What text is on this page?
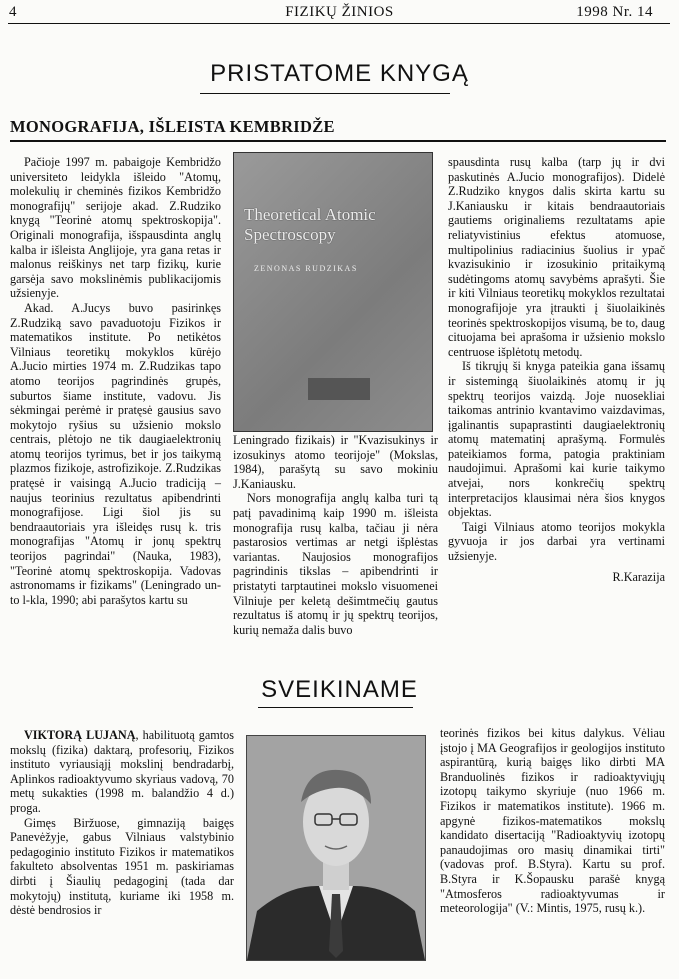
4	FIZIKŲ ŽINIOS	1998 Nr. 14
PRISTATOME KNYGĄ
MONOGRAFIJA, IŠLEISTA KEMBRIDŽE

Pačioje 1997 m. pabaigoje Kembridžo universiteto leidykla išleido "Atomų, molekulių ir cheminės fizikos Kembridžo monografijų" serijoje akad. Z.Rudziko knygą "Teorinė atomų spektroskopija". Originali monografija, išspausdinta anglų kalba ir išleista Anglijoje, yra gana retas ir malonus reiškinys net tarp fizikų, kurie garsėja savo mokslinėmis publikacijomis užsienyje.

Akad. A.Jucys buvo pasirinkęs Z.Rudziką savo pavaduotoju Fizikos ir matematikos institute. Po netikėtos Vilniaus teoretikų mokyklos kūrėjo A.Jucio mirties 1974 m. Z.Rudzikas tapo atomo teorijos pagrindinės grupės, suburtos šiame institute, vadovu. Jis sėkmingai perėmė ir pratęsė gausius savo mokytojo ryšius su užsienio mokslo centrais, plėtojo ne tik daugiaelektronių atomų teorijos tyrimus, bet ir jos taikymą plazmos fizikoje, astrofizikoje. Z.Rudzikas pratęsė ir vaisingą A.Jucio tradiciją – naujus teorinius rezultatus apibendrinti monografijose. Ligi šiol jis su bendraautoriais yra išleidęs rusų k. tris monografijas "Atomų ir jonų spektrų teorijos pagrindai" (Nauka, 1983), "Teorinė atomų spektroskopija. Vadovas astronomams ir fizikams" (Leningrado un-to l-kla, 1990; abi parašytos kartu su

Theoretical Atomic Spectroscopy
ZENONAS RUDZIKAS

Leningrado fizikais) ir "Kvazisukinys ir izosukinys atomo teorijoje" (Mokslas, 1984), parašytą su savo mokiniu J.Kaniausku.

Nors monografija anglų kalba turi tą patį pavadinimą kaip 1990 m. išleista monografija rusų kalba, tačiau ji nėra pastarosios vertimas ar netgi išplėstas variantas. Naujosios monografijos pagrindinis tikslas – apibendrinti ir pristatyti tarptautinei mokslo visuomenei Vilniuje per keletą dešimtmečių gautus rezultatus iš atomų ir jų spektrų teorijos, kurių nemaža dalis buvo

spausdinta rusų kalba (tarp jų ir dvi paskutinės A.Jucio monografijos). Didelė Z.Rudziko knygos dalis skirta kartu su J.Kaniausku ir kitais bendraautoriais gautiems originaliems rezultatams apie reliatyvistinius efektus atomuose, multipolinius radiacinius šuolius ir ypač kvazisukinio ir izosukinio pritaikymą sudėtingoms atomų savybėms aprašyti. Šie ir kiti Vilniaus teoretikų mokyklos rezultatai monografijoje yra įtraukti į šiuolaikinės teorinės spektroskopijos visumą, be to, daug cituojama bei aprašoma ir užsienio mokslo centruose išplėtotų metodų.

Iš tikrųjų ši knyga pateikia gana išsamų ir sistemingą šiuolaikinės atomų ir jų spektrų teorijos vaizdą. Joje nuosekliai taikomas antrinio kvantavimo vaizdavimas, įgalinantis supaprastinti daugiaelektronių atomų matematinį aprašymą. Formulės pateikiamos forma, patogia praktiniam naudojimui. Aprašomi kai kurie taikymo atvejai, nors konkrečių spektrų interpretacijos klausimai nėra šios knygos objektas.

Taigi Vilniaus atomo teorijos mokykla gyvuoja ir jos darbai yra vertinami užsienyje.

R.Karazija
SVEIKINAME

VIKTORĄ LUJANĄ, habilituotą gamtos mokslų (fizika) daktarą, profesorių, Fizikos instituto vyriausiąjį mokslinį bendradarbį, Aplinkos radioaktyvumo skyriaus vadovą, 70 metų sukakties (1998 m. balandžio 4 d.) proga.

Gimęs Biržuose, gimnaziją baigęs Panevėžyje, gabus Vilniaus valstybinio pedagoginio instituto Fizikos ir matematikos fakulteto absolventas 1951 m. paskiriamas dirbti į Šiaulių pedagoginį (tada dar mokytojų) institutą, kuriame iki 1958 m. dėstė bendrosios ir

teorinės fizikos bei kitus dalykus. Vėliau įstojo į MA Geografijos ir geologijos instituto aspirantūrą, kurią baigęs liko dirbti MA Branduolinės fizikos ir radioaktyviųjų izotopų taikymo skyriuje (nuo 1966 m. Fizikos ir matematikos institute). 1966 m. apgynė fizikos-matematikos mokslų kandidato disertaciją "Radioaktyvių izotopų panaudojimas oro masių dinamikai tirti" (vadovas prof. B.Styra). Kartu su prof. B.Styra ir K.Šopausku parašė knygą "Atmosferos radioaktyvumas ir meteorologija" (V.: Mintis, 1975, rusų k.).
